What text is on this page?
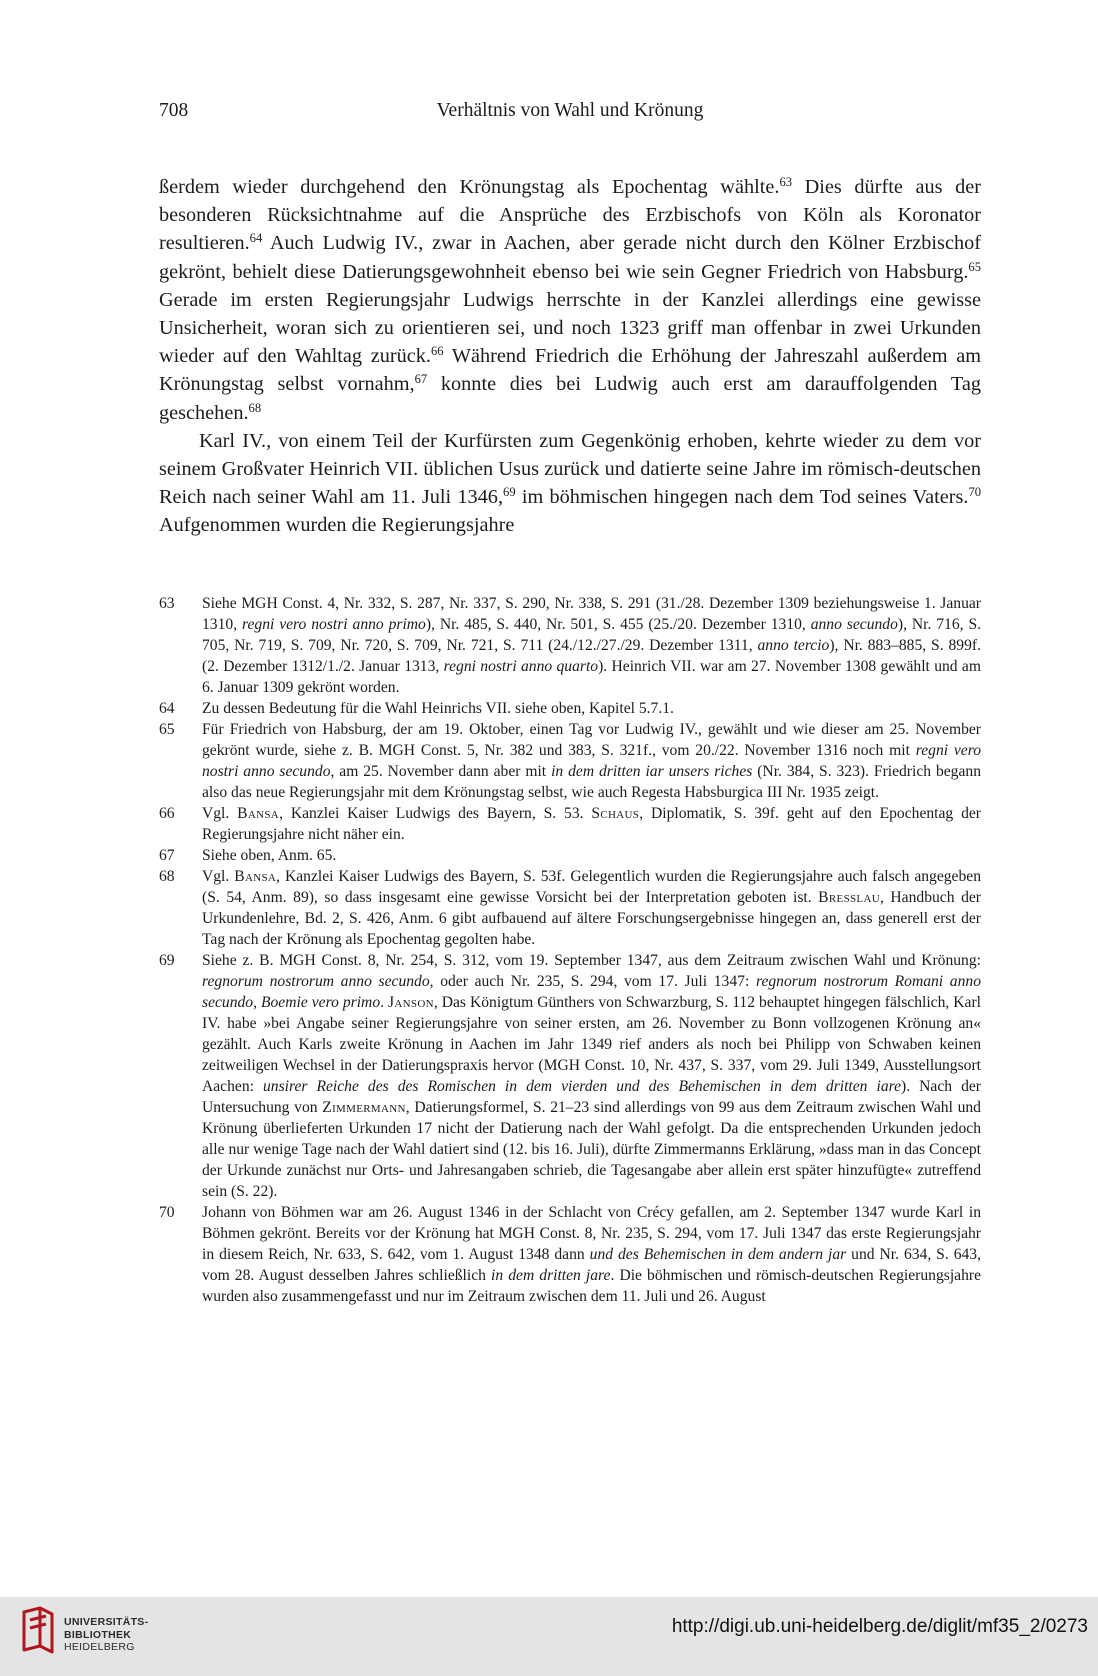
708	Verhältnis von Wahl und Krönung

ßerdem wieder durchgehend den Krönungstag als Epochentag wählte.$^{63}$ Dies dürfte aus der besonderen Rücksichtnahme auf die Ansprüche des Erzbischofs von Köln als Koronator resultieren.$^{64}$ Auch Ludwig IV., zwar in Aachen, aber gerade nicht durch den Kölner Erzbischof gekrönt, behielt diese Datierungsgewohnheit ebenso bei wie sein Gegner Friedrich von Habsburg.$^{65}$ Gerade im ersten Regierungsjahr Ludwigs herrschte in der Kanzlei allerdings eine gewisse Unsicherheit, woran sich zu orientieren sei, und noch 1323 griff man offenbar in zwei Urkunden wieder auf den Wahltag zurück.$^{66}$ Während Friedrich die Erhöhung der Jahreszahl außerdem am Krönungstag selbst vornahm,$^{67}$ konnte dies bei Ludwig auch erst am darauffolgenden Tag geschehen.$^{68}$

Karl IV., von einem Teil der Kurfürsten zum Gegenkönig erhoben, kehrte wieder zu dem vor seinem Großvater Heinrich VII. üblichen Usus zurück und datierte seine Jahre im römisch-deutschen Reich nach seiner Wahl am 11. Juli 1346,69 im böhmischen hingegen nach dem Tod seines Vaters.$^{70}$ Aufgenommen wurden die Regierungsjahre

63 Siehe MGH Const. 4, Nr. 332, S. 287, Nr. 337, S. 290, Nr. 338, S. 291 (31./28. Dezember 1309 beziehungsweise 1. Januar 1310, regni vero nostri anno primo), Nr. 485, S. 440, Nr. 501, S. 455 (25./20. Dezember 1310, anno secundo), Nr. 716, S. 705, Nr. 719, S. 709, Nr. 720, S. 709, Nr. 721, S. 711 (24./12./27./29. Dezember 1311, anno tercio), Nr. 883–885, S. 899f. (2. Dezember 1312/1./2. Januar 1313, regni nostri anno quarto). Heinrich VII. war am 27. November 1308 gewählt und am 6. Januar 1309 gekrönt worden.
64 Zu dessen Bedeutung für die Wahl Heinrichs VII. siehe oben, Kapitel 5.7.1.
65 Für Friedrich von Habsburg, der am 19. Oktober, einen Tag vor Ludwig IV., gewählt und wie dieser am 25. November gekrönt wurde, siehe z. B. MGH Const. 5, Nr. 382 und 383, S. 321f., vom 20./22. November 1316 noch mit regni vero nostri anno secundo, am 25. November dann aber mit in dem dritten iar unsers riches (Nr. 384, S. 323). Friedrich begann also das neue Regierungsjahr mit dem Krönungstag selbst, wie auch Regesta Habsburgica III Nr. 1935 zeigt.
66 Vgl. Bansa, Kanzlei Kaiser Ludwigs des Bayern, S. 53. Schaus, Diplomatik, S. 39f. geht auf den Epochentag der Regierungsjahre nicht näher ein.
67 Siehe oben, Anm. 65.
68 Vgl. Bansa, Kanzlei Kaiser Ludwigs des Bayern, S. 53f. Gelegentlich wurden die Regierungsjahre auch falsch angegeben (S. 54, Anm. 89), so dass insgesamt eine gewisse Vorsicht bei der Interpretation geboten ist. Bresslau, Handbuch der Urkundenlehre, Bd. 2, S. 426, Anm. 6 gibt aufbauend auf ältere Forschungsergebnisse hingegen an, dass generell erst der Tag nach der Krönung als Epochentag gegolten habe.
69 Siehe z. B. MGH Const. 8, Nr. 254, S. 312, vom 19. September 1347, aus dem Zeitraum zwischen Wahl und Krönung: regnorum nostrorum anno secundo, oder auch Nr. 235, S. 294, vom 17. Juli 1347: regnorum nostrorum Romani anno secundo, Boemie vero primo. Janson, Das Königtum Günthers von Schwarzburg, S. 112 behauptet hingegen fälschlich, Karl IV. habe »bei Angabe seiner Regierungsjahre von seiner ersten, am 26. November zu Bonn vollzogenen Krönung an« gezählt. Auch Karls zweite Krönung in Aachen im Jahr 1349 rief anders als noch bei Philipp von Schwaben keinen zeitweiligen Wechsel in der Datierungspraxis hervor (MGH Const. 10, Nr. 437, S. 337, vom 29. Juli 1349, Ausstellungsort Aachen: unsirer Reiche des des Romischen in dem vierden und des Behemischen in dem dritten iare). Nach der Untersuchung von Zimmermann, Datierungsformel, S. 21–23 sind allerdings von 99 aus dem Zeitraum zwischen Wahl und Krönung überlieferten Urkunden 17 nicht der Datierung nach der Wahl gefolgt. Da die entsprechenden Urkunden jedoch alle nur wenige Tage nach der Wahl datiert sind (12. bis 16. Juli), dürfte Zimmermanns Erklärung, »dass man in das Concept der Urkunde zunächst nur Orts- und Jahresangaben schrieb, die Tagesangabe aber allein erst später hinzufügte« zutreffend sein (S. 22).
70 Johann von Böhmen war am 26. August 1346 in der Schlacht von Crécy gefallen, am 2. September 1347 wurde Karl in Böhmen gekrönt. Bereits vor der Krönung hat MGH Const. 8, Nr. 235, S. 294, vom 17. Juli 1347 das erste Regierungsjahr in diesem Reich, Nr. 633, S. 642, vom 1. August 1348 dann und des Behemischen in dem andern jar und Nr. 634, S. 643, vom 28. August desselben Jahres schließlich in dem dritten jare. Die böhmischen und römisch-deutschen Regierungsjahre wurden also zusammengefasst und nur im Zeitraum zwischen dem 11. Juli und 26. August
UNIVERSITÄTS-
BIBLIOTHEK
HEIDELBERG
http://digi.ub.uni-heidelberg.de/diglit/mf35_2/0273
